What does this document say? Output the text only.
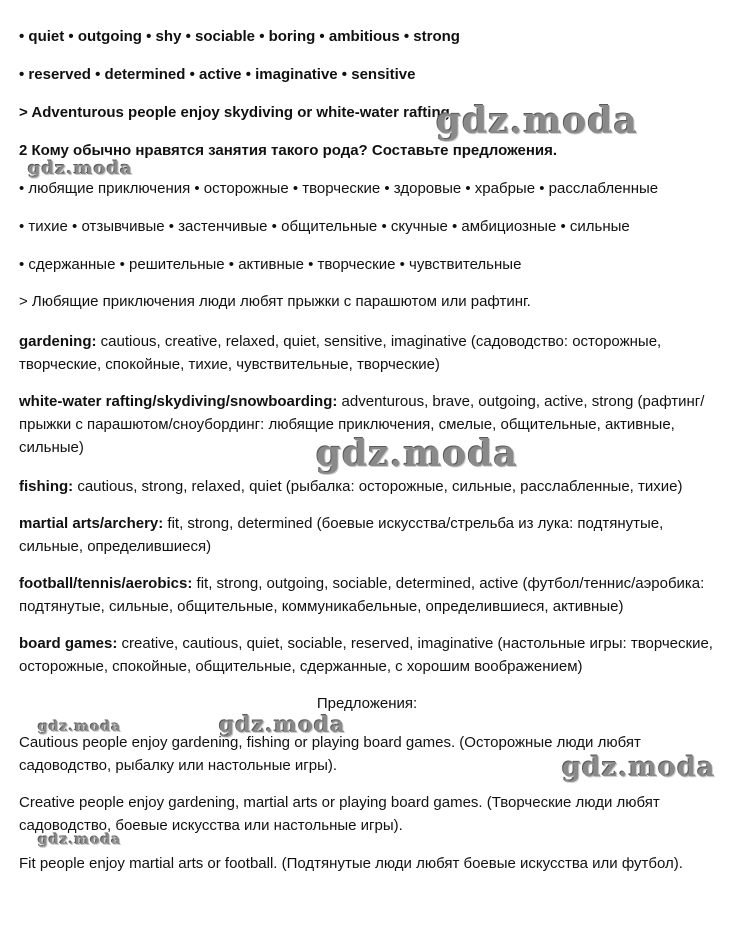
• quiet • outgoing • shy • sociable • boring • ambitious • strong
• reserved • determined • active • imaginative • sensitive
> Adventurous people enjoy skydiving or white-water rafting.
2 Кому обычно нравятся занятия такого рода? Составьте предложения.
• любящие приключения • осторожные • творческие • здоровые • храбрые • расслабленные
• тихие • отзывчивые • застенчивые • общительные • скучные • амбициозные • сильные
• сдержанные • решительные • активные • творческие • чувствительные
> Любящие приключения люди любят прыжки с парашютом или рафтинг.
gardening: cautious, creative, relaxed, quiet, sensitive, imaginative (садоводство: осторожные, творческие, спокойные, тихие, чувствительные, творческие)
white-water rafting/skydiving/snowboarding: adventurous, brave, outgoing, active, strong (рафтинг/прыжки с парашютом/сноубординг: любящие приключения, смелые, общительные, активные, сильные)
fishing: cautious, strong, relaxed, quiet (рыбалка: осторожные, сильные, расслабленные, тихие)
martial arts/archery: fit, strong, determined (боевые искусства/стрельба из лука: подтянутые, сильные, определившиеся)
football/tennis/aerobics: fit, strong, outgoing, sociable, determined, active (футбол/теннис/аэробика: подтянутые, сильные, общительные, коммуникабельные, определившиеся, активные)
board games: creative, cautious, quiet, sociable, reserved, imaginative (настольные игры: творческие, осторожные, спокойные, общительные, сдержанные, с хорошим воображением)
Предложения:
Cautious people enjoy gardening, fishing or playing board games. (Осторожные люди любят садоводство, рыбалку или настольные игры).
Creative people enjoy gardening, martial arts or playing board games. (Творческие люди любят садоводство, боевые искусства или настольные игры).
Fit people enjoy martial arts or football. (Подтянутые люди любят боевые искусства или футбол).
gdz.moda
gdz.moda
gdz.moda
gdz.moda	gdz.moda
gdz.moda
gdz.moda
